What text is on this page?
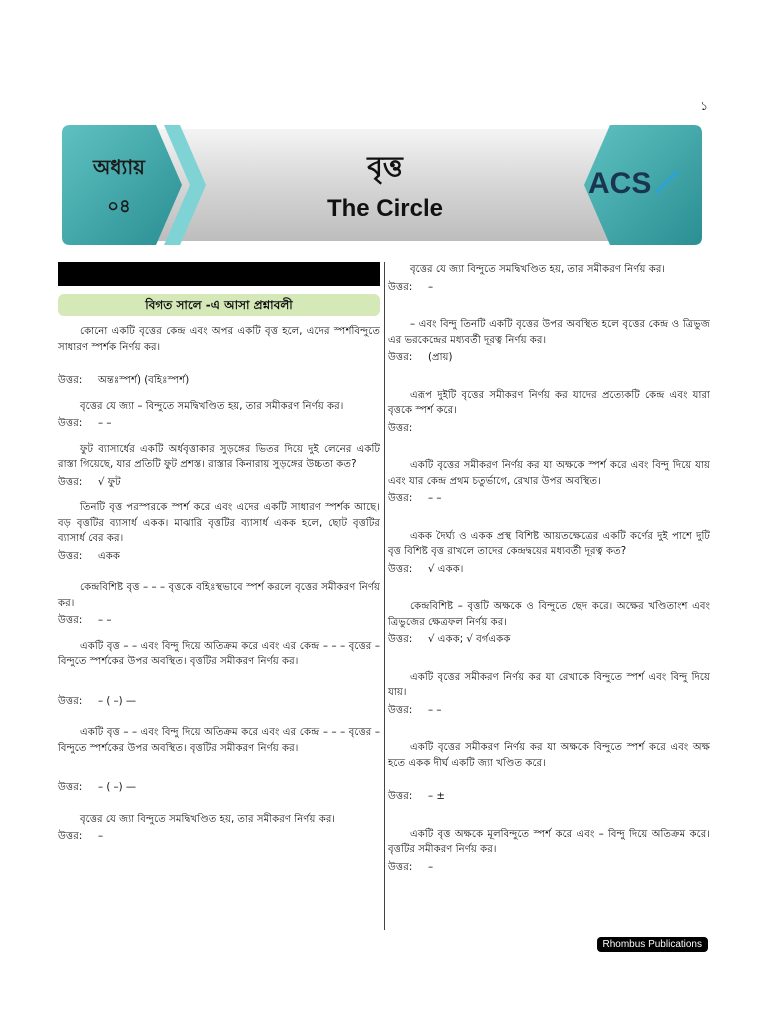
১
অধ্যায়
০৪
বৃত্ত
The Circle
ACS
বিগত সালে -এ আসা প্রশ্নাবলী

কোনো একটি বৃত্তের কেন্দ্র এবং অপর একটি বৃত্ত হলে, এদের স্পর্শবিন্দুতে সাধারণ স্পর্শক নির্ণয় কর।

উত্তর: অন্তঃস্পর্শ) (বহিঃস্পর্শ)

বৃত্তের যে জ্যা – বিন্দুতে সমদ্বিখণ্ডিত হয়, তার সমীকরণ নির্ণয় কর।

উত্তর: – –

ফুট ব্যাসার্ধের একটি অর্ধবৃত্তাকার সুড়ঙ্গের ভিতর দিয়ে দুই লেনের একটি রাস্তা গিয়েছে, যার প্রতিটি ফুট প্রশস্ত। রাস্তার কিনারায় সুড়ঙ্গের উচ্চতা কত?

উত্তর: √ ফুট

তিনটি বৃত্ত পরস্পরকে স্পর্শ করে এবং এদের একটি সাধারণ স্পর্শক আছে। বড় বৃত্তটির ব্যাসার্ধ একক। মাঝারি বৃত্তটির ব্যাসার্ধ একক হলে, ছোট বৃত্তটির ব্যাসার্ধ বের কর।

উত্তর: একক

কেন্দ্রবিশিষ্ট বৃত্ত – – – বৃত্তকে বহিঃস্থভাবে স্পর্শ করলে বৃত্তের সমীকরণ নির্ণয় কর।

উত্তর: – –

একটি বৃত্ত – – এবং বিন্দু দিয়ে অতিক্রম করে এবং এর কেন্দ্র – – – বৃত্তের – বিন্দুতে স্পর্শকের উপর অবস্থিত। বৃত্তটির সমীকরণ নির্ণয় কর।

উত্তর: – ( –) —

একটি বৃত্ত – – এবং বিন্দু দিয়ে অতিক্রম করে এবং এর কেন্দ্র – – – বৃত্তের – বিন্দুতে স্পর্শকের উপর অবস্থিত। বৃত্তটির সমীকরণ নির্ণয় কর।

উত্তর: – ( –) —

বৃত্তের যে জ্যা বিন্দুতে সমদ্বিখণ্ডিত হয়, তার সমীকরণ নির্ণয় কর।

উত্তর: –

বৃত্তের যে জ্যা বিন্দুতে সমদ্বিখণ্ডিত হয়, তার সমীকরণ নির্ণয় কর।

উত্তর: –

– এবং বিন্দু তিনটি একটি বৃত্তের উপর অবস্থিত হলে বৃত্তের কেন্দ্র ও ত্রিভুজ এর ভরকেন্দ্রের মধ্যবর্তী দূরত্ব নির্ণয় কর।

উত্তর: (প্রায়)

এরূপ দুইটি বৃত্তের সমীকরণ নির্ণয় কর যাদের প্রত্যেকটি কেন্দ্র এবং যারা বৃত্তকে স্পর্শ করে।

উত্তর:

একটি বৃত্তের সমীকরণ নির্ণয় কর যা অক্ষকে স্পর্শ করে এবং বিন্দু দিয়ে যায় এবং যার কেন্দ্র প্রথম চতুর্ভাগে, রেখার উপর অবস্থিত।

উত্তর: – –

একক দৈর্ঘ্য ও একক প্রস্থ বিশিষ্ট আয়তক্ষেত্রের একটি কর্ণের দুই পাশে দুটি বৃত্ত বিশিষ্ট বৃত্ত রাখলে তাদের কেন্দ্রদ্বয়ের মধ্যবর্তী দূরত্ব কত?

উত্তর: √ একক।

কেন্দ্রবিশিষ্ট – বৃত্তটি অক্ষকে ও বিন্দুতে ছেদ করে। অক্ষের খণ্ডিতাংশ এবং ত্রিভুজের ক্ষেত্রফল নির্ণয় কর।

উত্তর: √ একক; √ বর্গএকক

একটি বৃত্তের সমীকরণ নির্ণয় কর যা রেখাকে বিন্দুতে স্পর্শ এবং বিন্দু দিয়ে যায়।

উত্তর: – –

একটি বৃত্তের সমীকরণ নির্ণয় কর যা অক্ষকে বিন্দুতে স্পর্শ করে এবং অক্ষ হতে একক দীর্ঘ একটি জ্যা খণ্ডিত করে।

উত্তর: – ±

একটি বৃত্ত অক্ষকে মূলবিন্দুতে স্পর্শ করে এবং – বিন্দু দিয়ে অতিক্রম করে। বৃত্তটির সমীকরণ নির্ণয় কর।

উত্তর: –

Rhombus Publications
